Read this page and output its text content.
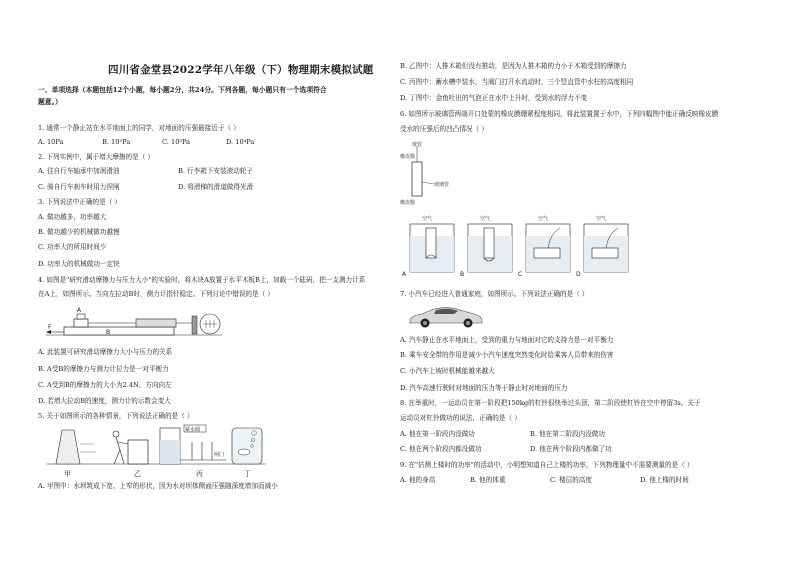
四川省金堂县2022学年八年级（下）物理期末模拟试题
一、单项选择（本题包括12个小题，每小题2分，共24分。下列各题，每小题只有一个选项符合
题意。）
1. 通常一个静止站在水平地面上的同学，对地面的压强最接近于（ ）
A. 10Pa	B. 10²Pa	C. 10³Pa	D. 10⁴Pa
2. 下列实例中，属于增大摩擦的是（ ）
A. 往自行车轴承中加润滑油	B. 行李箱下安装滚动轮子
C. 骑自行车刹车时用力捏闸	D. 将滑梯的滑道做得光滑
3. 下列说法中正确的是（ ）
A. 做功越多，功率越大
B. 做功越少的机械做功越慢
C. 功率大的所用时间少
D. 功率大的机械做功一定快
4. 如图是"研究滑动摩擦力与压力大小"的实验时，将木块A放置于水平木板B上，加载一个砝码，把一支测力计系
在A上，如图所示。当向左拉动B时，测力计指针稳定。下列讨论中错误的是（ ）
F
A
B
A. 此装置可研究滑动摩擦力大小与压力的关系
B. A受B的摩擦力与测力计拉力是一对平衡力
C. A受到B的摩擦力的大小为2.4N，方向向左
D. 若增大拉动B的速度，测力计的示数会变大
5. 关于如图所示的各种情景，下列说法正确的是（ ）
紧水阀
闸门
甲	乙	丙	丁
A. 甲图中：水坝筑成下宽、上窄的形状，因为水对坝体侧面压强随深度增加而减小
B. 乙图中：人推木箱但没有推动，是因为人推木箱的力小于木箱受到的摩擦力
C. 丙图中：蓄水槽中装水，当阀门打开水流动时，三个竖直管中水柱的高度相同
D. 丁图中：金鱼吐出的气泡正在水中上升时，受到水的浮力不变
6. 如图所示玻璃管两端开口处蒙的橡皮膜绷紧程度相同，将此装置置于水中，下列四幅图中能正确反映橡皮膜
受水的压强后的凹凸情况（ ）
玻管
橡皮膜
玻璃管
橡皮膜
空气	空气	空气	空气
A	B	C	D
7. 小汽车已经进入普通家庭，如图所示。下列说法正确的是（ ）
A. 汽车静止在水平地面上，受到的重力与地面对它的支持力是一对平衡力
B. 乘车安全带的作用是减少小汽车速度突然变化时给乘客人员带来的伤害
C. 小汽车上坡时机械能越来越大
D. 汽车高速行驶时对地面的压力等于静止时对地面的压力
8. 在举重时，一运动员在第一阶段把150kg的杠铃很快举过头顶，第二阶段使杠铃在空中停留3s。关于
运动员对杠铃做功的说法，正确的是（ ）
A. 他在第一阶段内没做功	B. 他在第二阶段内没做功
C. 他在两个阶段内都没做功	D. 他在两个阶段内都做了功
9. 在"估测上楼时的功率"的活动中，小明想知道自己上楼的功率，下列物理量中不需要测量的是（ ）
A. 他的身高	B. 他的体重	C. 楼层的高度	D. 他上楼的时间
